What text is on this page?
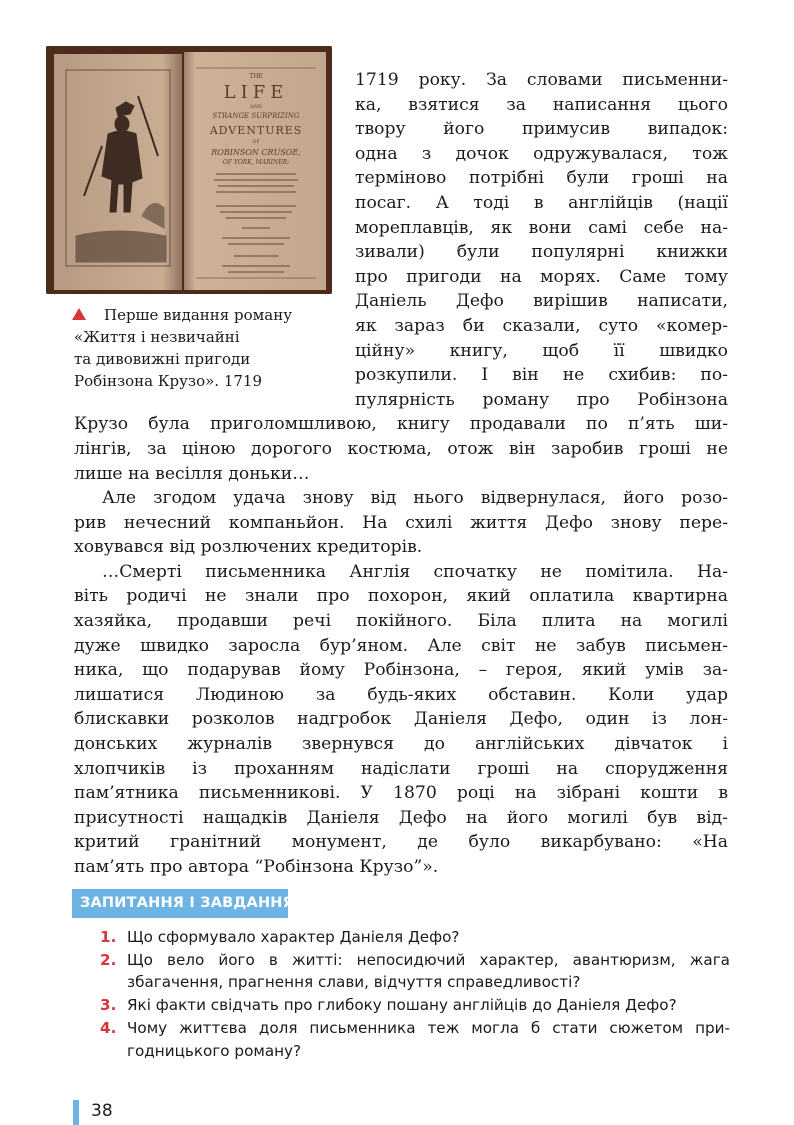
THE
LIFE
AND
STRANGE SURPRIZING
ADVENTURES
OF
ROBINSON CRUSOE,
OF YORK, MARINER:
Перше видання роману
«Життя і незвичайні
та дивовижні пригоди
Робінзона Крузо». 1719
1719 року. За словами письменни-
ка, взятися за написання цього
твору його примусив випадок:
одна з дочок одружувалася, тож
терміново потрібні були гроші на
посаг. А тоді в англійців (нації
мореплавців, як вони самі себе на-
зивали) були популярні книжки
про пригоди на морях. Саме тому
Даніель Дефо вирішив написати,
як зараз би сказали, суто «комер-
ційну» книгу, щоб її швидко
розкупили. І він не схибив: по-
пулярність роману про Робінзона
Крузо була приголомшливою, книгу продавали по п’ять ши-
лінгів, за ціною дорогого костюма, отож він заробив гроші не
лише на весілля доньки…
Але згодом удача знову від нього відвернулася, його розо-
рив нечесний компаньйон. На схилі життя Дефо знову пере-
ховувався від розлючених кредиторів.
…Смерті письменника Англія спочатку не помітила. На-
віть родичі не знали про похорон, який оплатила квартирна
хазяйка, продавши речі покійного. Біла плита на могилі
дуже швидко заросла бур’яном. Але світ не забув письмен-
ника, що подарував йому Робінзона, – героя, який умів за-
лишатися Людиною за будь-яких обставин. Коли удар
блискавки розколов надгробок Даніеля Дефо, один із лон-
донських журналів звернувся до англійських дівчаток і
хлопчиків із проханням надіслати гроші на спорудження
пам’ятника письменникові. У 1870 році на зібрані кошти в
присутності нащадків Даніеля Дефо на його могилі був від-
критий гранітний монумент, де було викарбувано: «На
пам’ять про автора “Робінзона Крузо”».
ЗАПИТАННЯ І ЗАВДАННЯ
1. Що сформувало характер Даніеля Дефо?
2. Що вело його в житті: непосидючий характер, авантюризм, жага
збагачення, прагнення слави, відчуття справедливості?
3. Які факти свідчать про глибоку пошану англійців до Даніеля Дефо?
4. Чому життєва доля письменника теж могла б стати сюжетом при-
годницького роману?
38
